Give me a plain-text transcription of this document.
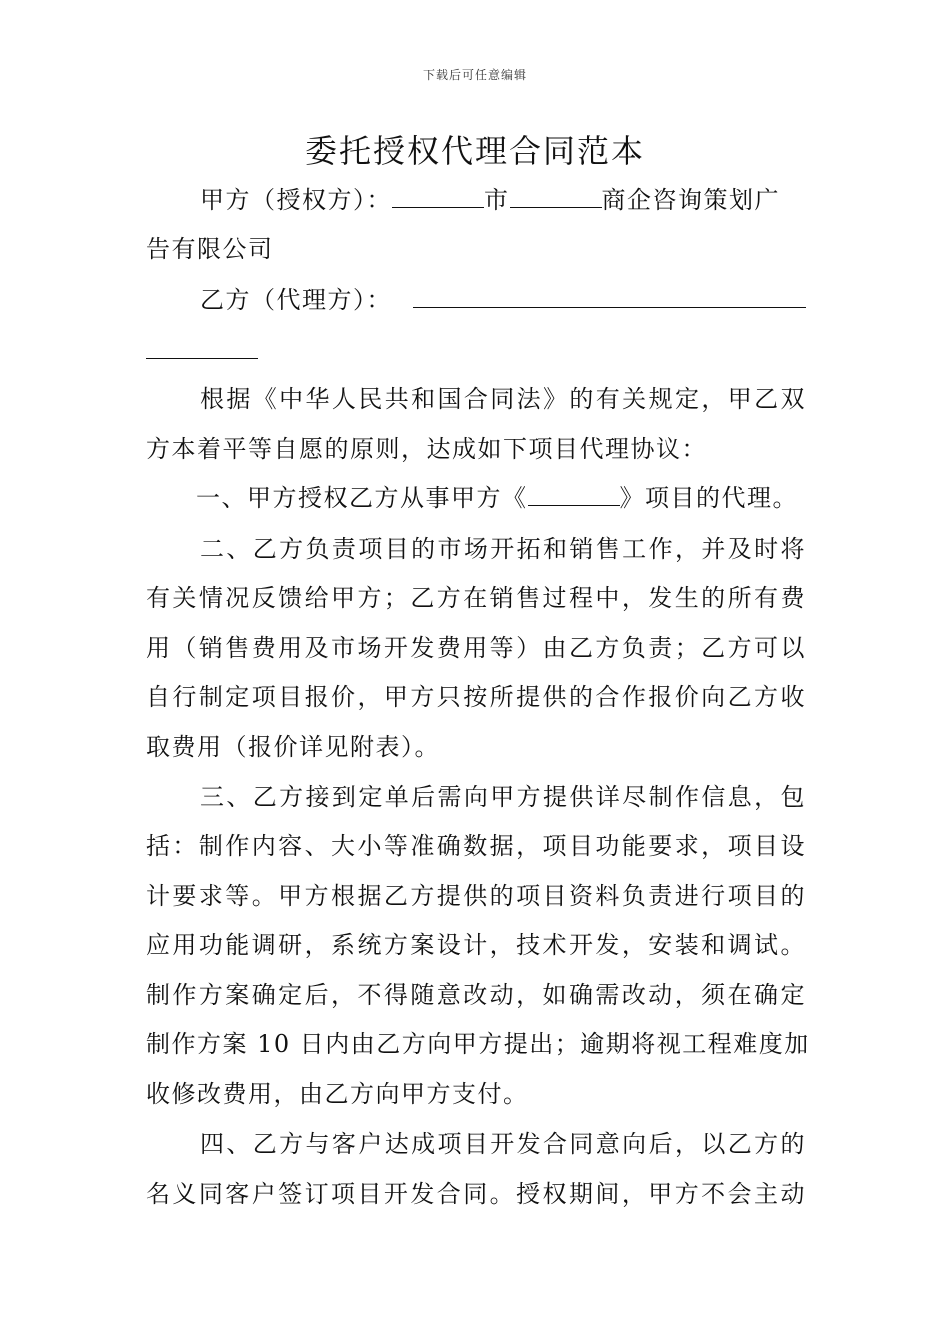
下载后可任意编辑
委托授权代理合同范本
甲方（授权方）：	市	商企咨询策划广
告有限公司
乙方（代理方）：
根据《中华人民共和国合同法》的有关规定，甲乙双
方本着平等自愿的原则，达成如下项目代理协议：
一、甲方授权乙方从事甲方《	》项目的代理。
二、乙方负责项目的市场开拓和销售工作，并及时将
有关情况反馈给甲方；乙方在销售过程中，发生的所有费
用（销售费用及市场开发费用等）由乙方负责；乙方可以
自行制定项目报价，甲方只按所提供的合作报价向乙方收
取费用（报价详见附表）。
三、乙方接到定单后需向甲方提供详尽制作信息，包
括：制作内容、大小等准确数据，项目功能要求，项目设
计要求等。甲方根据乙方提供的项目资料负责进行项目的
应用功能调研，系统方案设计，技术开发，安装和调试。
制作方案确定后，不得随意改动，如确需改动，须在确定
制作方案 10 日内由乙方向甲方提出；逾期将视工程难度加
收修改费用，由乙方向甲方支付。
四、乙方与客户达成项目开发合同意向后，以乙方的
名义同客户签订项目开发合同。授权期间，甲方不会主动
